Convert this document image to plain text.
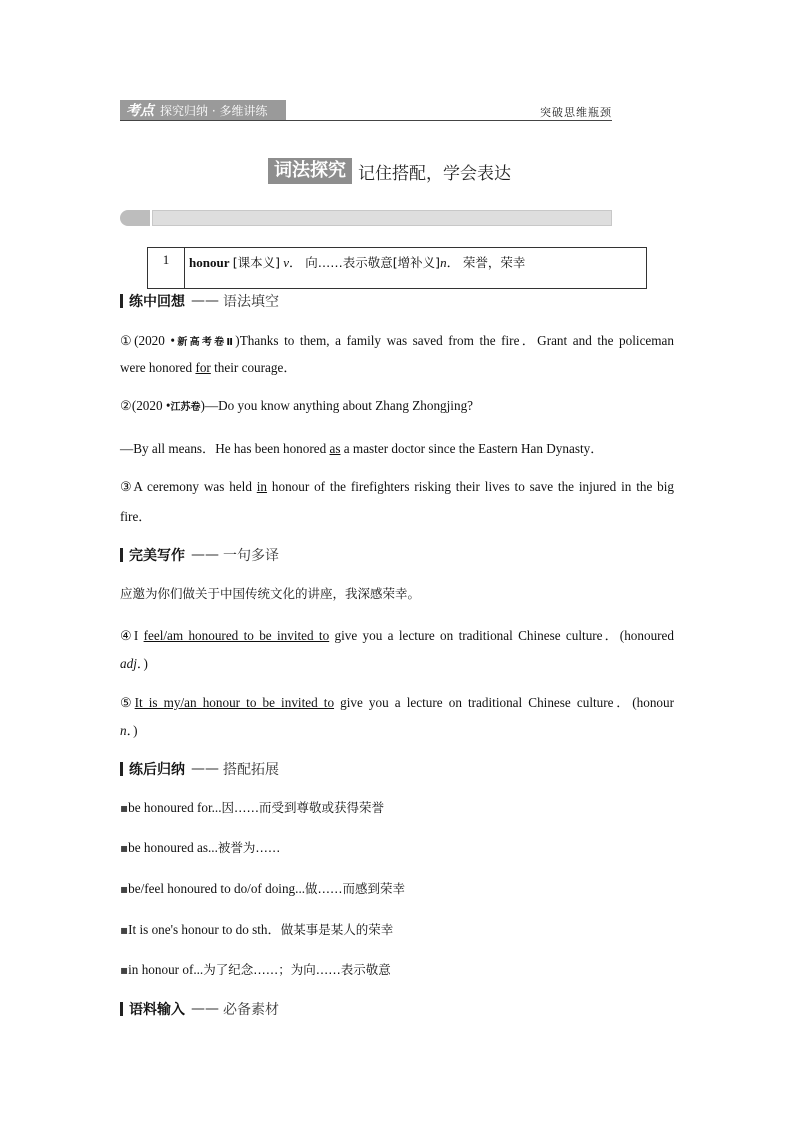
考点 探究归纳 · 多维讲练	突破思维瓶颈
词法探究 记住搭配，学会表达
1	honour [课本义] v． 向……表示敬意[增补义]n． 荣誉，荣幸
练中回想 —— 语法填空
①(2020 •新高考卷Ⅱ)Thanks to them, a family was saved from the fire．Grant and the policeman
were honored for their courage．
②(2020 •江苏卷)—Do you know anything about Zhang Zhongjing?
—By all means．He has been honored as a master doctor since the Eastern Han Dynasty．
③A ceremony was held in honour of the firefighters risking their lives to save the injured in the big
fire．
完美写作 —— 一句多译
应邀为你们做关于中国传统文化的讲座，我深感荣幸。
④I feel/am honoured to be invited to give you a lecture on traditional Chinese culture．(honoured
adj．)
⑤It is my/an honour to be invited to give you a lecture on traditional Chinese culture．(honour
n．)
练后归纳 —— 搭配拓展
▪be honoured for...因……而受到尊敬或获得荣誉
▪be honoured as...被誉为……
▪be/feel honoured to do/of doing...做……而感到荣幸
▪It is one's honour to do sth．做某事是某人的荣幸
▪in honour of...为了纪念……；为向……表示敬意
语料输入 —— 必备素材
